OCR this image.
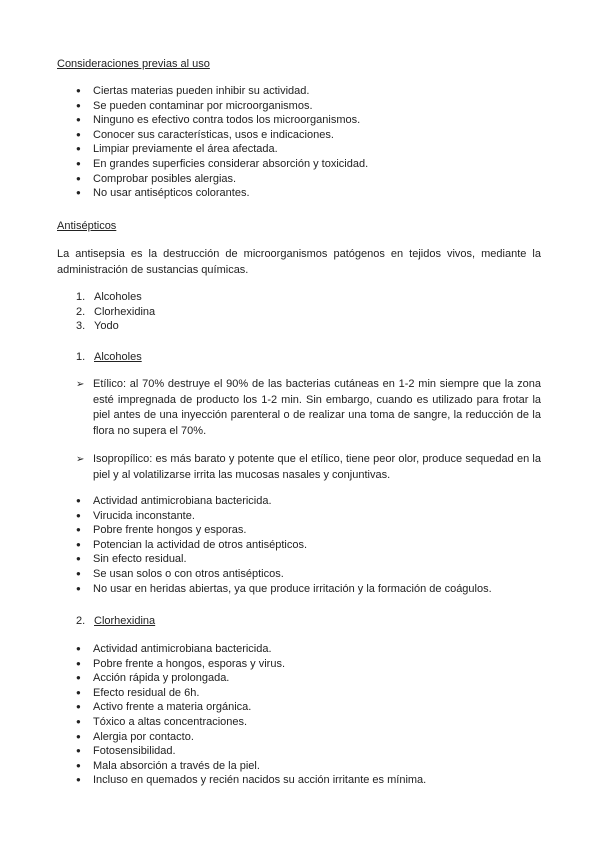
Consideraciones previas al uso
● Ciertas materias pueden inhibir su actividad.
● Se pueden contaminar por microorganismos.
● Ninguno es efectivo contra todos los microorganismos.
● Conocer sus características, usos e indicaciones.
● Limpiar previamente el área afectada.
● En grandes superficies considerar absorción y toxicidad.
● Comprobar posibles alergias.
● No usar antisépticos colorantes.
Antisépticos
La antisepsia es la destrucción de microorganismos patógenos en tejidos vivos, mediante la administración de sustancias químicas.
1. Alcoholes
2. Clorhexidina
3. Yodo
1. Alcoholes
➢ Etílico: al 70% destruye el 90% de las bacterias cutáneas en 1-2 min siempre que la zona esté impregnada de producto los 1-2 min. Sin embargo, cuando es utilizado para frotar la piel antes de una inyección parenteral o de realizar una toma de sangre, la reducción de la flora no supera el 70%.
➢ Isopropílico: es más barato y potente que el etílico, tiene peor olor, produce sequedad en la piel y al volatilizarse irrita las mucosas nasales y conjuntivas.
● Actividad antimicrobiana bactericida.
● Virucida inconstante.
● Pobre frente hongos y esporas.
● Potencian la actividad de otros antisépticos.
● Sin efecto residual.
● Se usan solos o con otros antisépticos.
● No usar en heridas abiertas, ya que produce irritación y la formación de coágulos.
2. Clorhexidina
● Actividad antimicrobiana bactericida.
● Pobre frente a hongos, esporas y virus.
● Acción rápida y prolongada.
● Efecto residual de 6h.
● Activo frente a materia orgánica.
● Tóxico a altas concentraciones.
● Alergia por contacto.
● Fotosensibilidad.
● Mala absorción a través de la piel.
● Incluso en quemados y recién nacidos su acción irritante es mínima.
